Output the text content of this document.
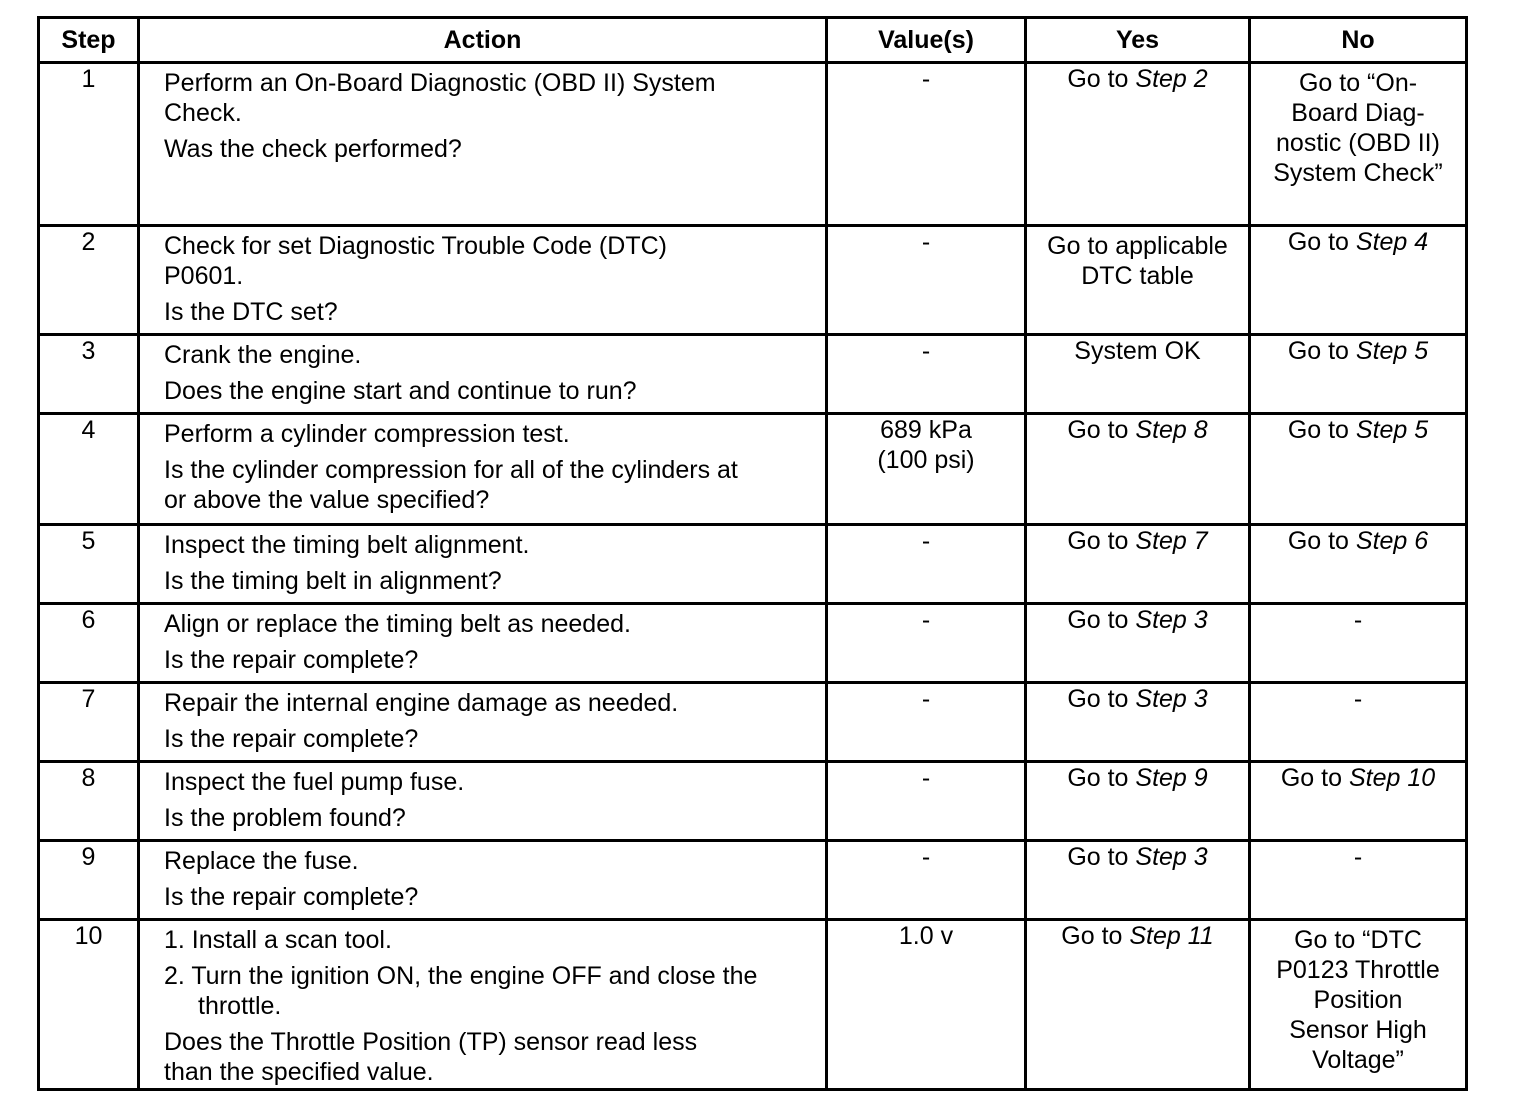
Step	Action	Value(s)	Yes	No
1	Perform an On-Board Diagnostic (OBD II) System
Check.
Was the check performed?	-	Go to Step 2	Go to “On-
Board Diag-
nostic (OBD II)
System Check”

2	Check for set Diagnostic Trouble Code (DTC)
P0601.
Is the DTC set?	-	Go to applicable
DTC table	Go to Step 4
3	Crank the engine.
Does the engine start and continue to run?	-	System OK	Go to Step 5
4	Perform a cylinder compression test.
Is the cylinder compression for all of the cylinders at
or above the value specified?	689 kPa
(100 psi)	Go to Step 8	Go to Step 5
5	Inspect the timing belt alignment.
Is the timing belt in alignment?	-	Go to Step 7	Go to Step 6
6	Align or replace the timing belt as needed.
Is the repair complete?	-	Go to Step 3	-
7	Repair the internal engine damage as needed.
Is the repair complete?	-	Go to Step 3	-
8	Inspect the fuel pump fuse.
Is the problem found?	-	Go to Step 9	Go to Step 10
9	Replace the fuse.
Is the repair complete?	-	Go to Step 3	-
10	1. Install a scan tool.
2. Turn the ignition ON, the engine OFF and close the throttle.
Does the Throttle Position (TP) sensor read less
than the specified value.	1.0 v	Go to Step 11	Go to “DTC
P0123 Throttle
Position
Sensor High
Voltage”
